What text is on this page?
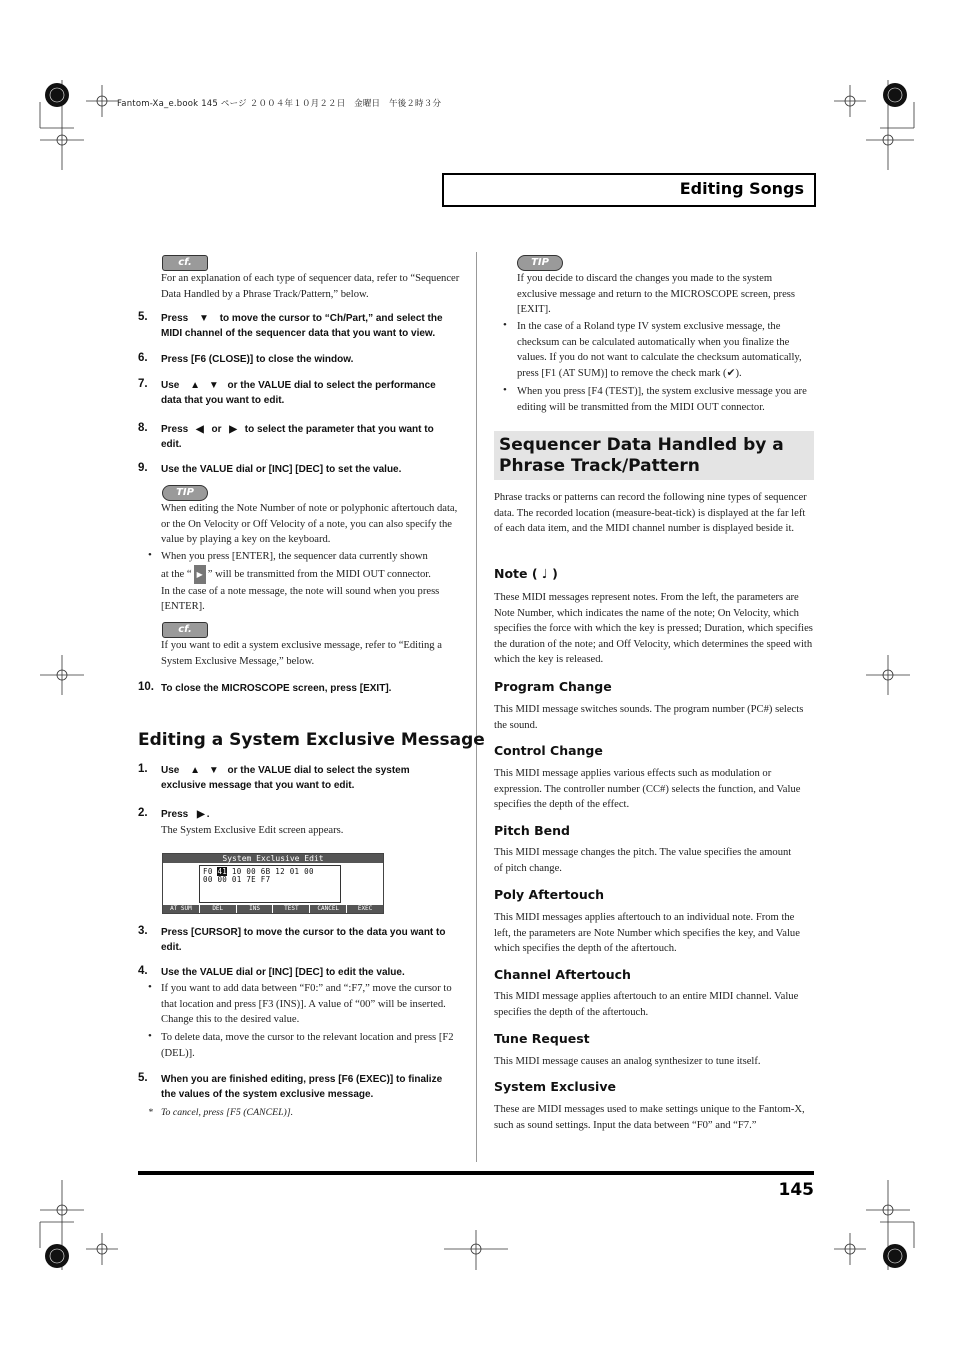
Fantom-Xa_e.book 145 ページ ２００４年１０月２２日　金曜日　午後２時３分
Editing Songs
cf.
For an explanation of each type of sequencer data, refer to “Sequencer Data Handled by a Phrase Track/Pattern,” below.
5. Press ▼ to move the cursor to “Ch/Part,” and select the
MIDI channel of the sequencer data that you want to view.
6. Press [F6 (CLOSE)] to close the window.
7. Use ▲ ▼ or the VALUE dial to select the performance
data that you want to edit.
8. Press ◀ or ▶ to select the parameter that you want to
edit.
9. Use the VALUE dial or [INC] [DEC] to set the value.
TIP
When editing the Note Number of note or polyphonic aftertouch data, or the On Velocity or Off Velocity of a note, you can also specify the value by playing a key on the keyboard.
• When you press [ENTER], the sequencer data currently shown
at the “ ▶ ” will be transmitted from the MIDI OUT connector.
In the case of a note message, the note will sound when you press [ENTER].
cf.
If you want to edit a system exclusive message, refer to “Editing a System Exclusive Message,” below.
10. To close the MICROSCOPE screen, press [EXIT].
Editing a System Exclusive Message
1. Use ▲ ▼ or the VALUE dial to select the system
exclusive message that you want to edit.
2. Press ▶ .
The System Exclusive Edit screen appears.
System Exclusive Edit
F0 41 10 00 6B 12 01 00
00 00 01 7E F7
AT SUM	DEL	INS	TEST	CANCEL	EXEC
3. Press [CURSOR] to move the cursor to the data you want to
edit.
4. Use the VALUE dial or [INC] [DEC] to edit the value.
• If you want to add data between “F0:” and “:F7,” move the cursor to that location and press [F3 (INS)]. A value of “00” will be inserted. Change this to the desired value.
• To delete data, move the cursor to the relevant location and press [F2 (DEL)].
5. When you are finished editing, press [F6 (EXEC)] to finalize
the values of the system exclusive message.
* To cancel, press [F5 (CANCEL)].
TIP
If you decide to discard the changes you made to the system exclusive message and return to the MICROSCOPE screen, press [EXIT].
• In the case of a Roland type IV system exclusive message, the checksum can be calculated automatically when you finalize the values. If you do not want to calculate the checksum automatically, press [F1 (AT SUM)] to remove the check mark (✔).
• When you press [F4 (TEST)], the system exclusive message you are editing will be transmitted from the MIDI OUT connector.
Sequencer Data Handled by a
Phrase Track/Pattern
Phrase tracks or patterns can record the following nine types of sequencer data. The recorded location (measure-beat-tick) is displayed at the far left of each data item, and the MIDI channel number is displayed beside it.
Note ( ♩ )
These MIDI messages represent notes. From the left, the parameters are Note Number, which indicates the name of the note; On Velocity, which specifies the force with which the key is pressed; Duration, which specifies the duration of the note; and Off Velocity, which determines the speed with which the key is released.
Program Change
This MIDI message switches sounds. The program number (PC#) selects the sound.
Control Change
This MIDI message applies various effects such as modulation or expression. The controller number (CC#) selects the function, and Value specifies the depth of the effect.
Pitch Bend
This MIDI message changes the pitch. The value specifies the amount of pitch change.
Poly Aftertouch
This MIDI messages applies aftertouch to an individual note. From the left, the parameters are Note Number which specifies the key, and Value which specifies the depth of the aftertouch.
Channel Aftertouch
This MIDI message applies aftertouch to an entire MIDI channel. Value specifies the depth of the aftertouch.
Tune Request
This MIDI message causes an analog synthesizer to tune itself.
System Exclusive
These are MIDI messages used to make settings unique to the Fantom-X, such as sound settings. Input the data between “F0” and “F7.”
145
